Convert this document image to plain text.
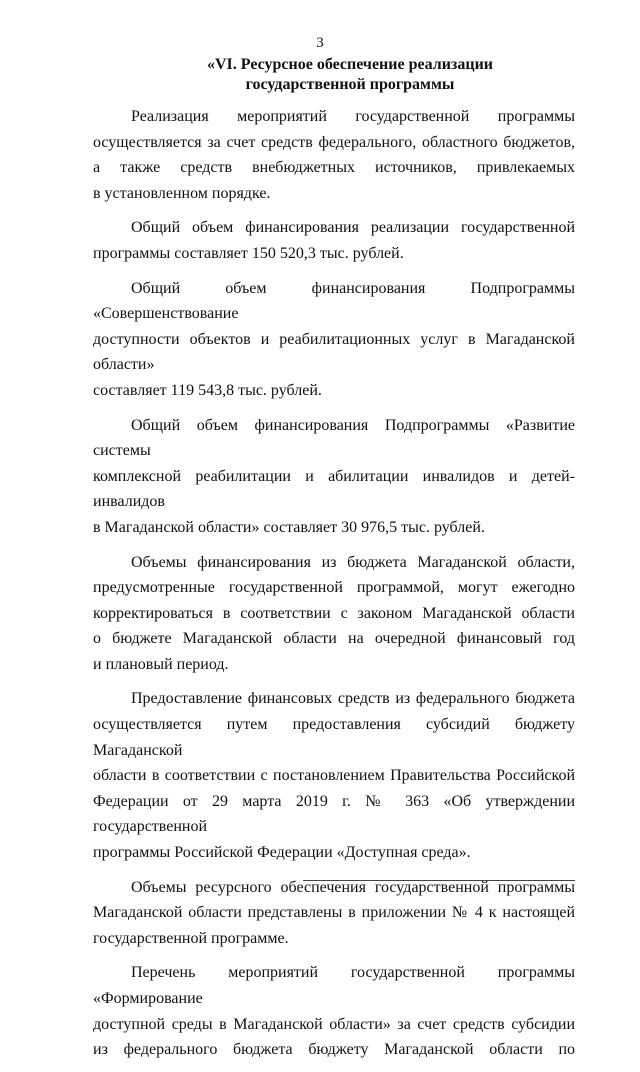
3
«VI. Ресурсное обеспечение реализации
государственной программы

Реализация мероприятий государственной программы
осуществляется за счет средств федерального, областного бюджетов,
а также средств внебюджетных источников, привлекаемых
в установленном порядке.

Общий объем финансирования реализации государственной
программы составляет 150 520,3 тыс. рублей.

Общий объем финансирования Подпрограммы «Совершенствование
доступности объектов и реабилитационных услуг в Магаданской области»
составляет 119 543,8 тыс. рублей.

Общий объем финансирования Подпрограммы «Развитие системы
комплексной реабилитации и абилитации инвалидов и детей-инвалидов
в Магаданской области» составляет 30 976,5 тыс. рублей.

Объемы финансирования из бюджета Магаданской области,
предусмотренные государственной программой, могут ежегодно
корректироваться в соответствии с законом Магаданской области
о бюджете Магаданской области на очередной финансовый год
и плановый период.

Предоставление финансовых средств из федерального бюджета
осуществляется путем предоставления субсидий бюджету Магаданской
области в соответствии с постановлением Правительства Российской
Федерации от 29 марта 2019 г. № 363 «Об утверждении государственной
программы Российской Федерации «Доступная среда».

Объемы ресурсного обеспечения государственной программы
Магаданской области представлены в приложении № 4 к настоящей
государственной программе.

Перечень мероприятий государственной программы «Формирование
доступной среды в Магаданской области» за счет средств субсидии
из федерального бюджета бюджету Магаданской области по
